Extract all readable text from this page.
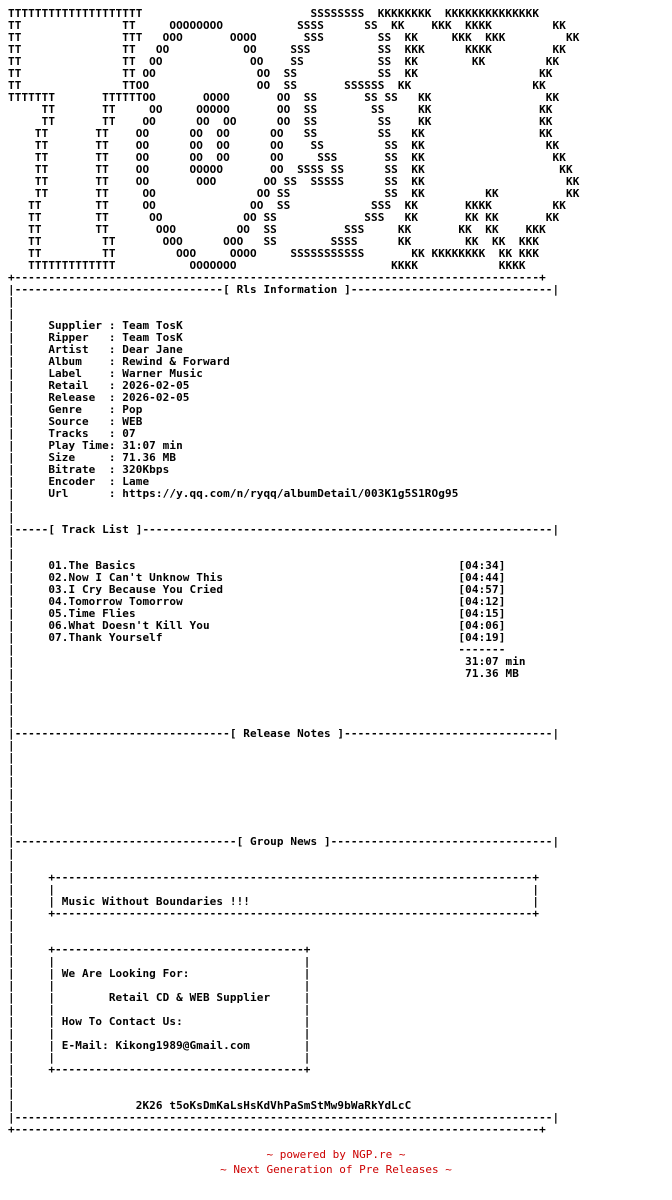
TTTTTTTTTTTTTTTTTTTT                         SSSSSSSS  KKKKKKKK  KKKKKKKKKKKKKK
TT               TT     OOOOOOOO           SSSS      SS  KK    KKK  KKKK         KK
TT               TTT   OOO       OOOO       SSS        SS  KK     KKK  KKK         KK
TT               TT   OO           OO     SSS          SS  KKK      KKKK         KK
TT               TT  OO             OO    SS           SS  KK        KK         KK
TT               TT OO               OO  SS            SS  KK                  KK
TT               TTOO                OO  SS       SSSSSS  KK                  KK
TTTTTTT       TTTTTTOO       OOOO       OO  SS       SS SS   KK                 KK
TT       TT     OO     OOOOO       OO  SS        SS     KK                KK
TT       TT    OO      OO  OO      OO  SS         SS    KK                KK
TT       TT    OO      OO  OO      OO   SS         SS   KK                 KK
TT       TT    OO      OO  OO      OO    SS         SS  KK                  KK
TT       TT    OO      OO  OO      OO     SSS       SS  KK                   KK
TT       TT    OO      OOOOO       OO  SSSS SS      SS  KK                    KK
TT       TT    OO       OOO       OO SS  SSSSS      SS  KK                     KK
TT       TT     OO               OO SS              SS  KK         KK          KK
TT        TT     OO              OO  SS            SSS  KK       KKKK         KK
TT        TT      OO            OO SS             SSS   KK       KK KK       KK
TT        TT       OOO         OO  SS          SSS     KK       KK  KK    KKK
TT         TT       OOO      OOO   SS        SSSS      KK        KK  KK  KKK
TT         TT         OOO     OOOO     SSSSSSSSSSS       KK KKKKKKKK  KK KKK
TTTTTTTTTTTTT           OOOOOOO                       KKKK            KKKK
+------------------------------------------------------------------------------+
|-------------------------------[ Rls Information ]------------------------------|
|
|
|     Supplier : Team TosK
|     Ripper   : Team TosK
|     Artist   : Dear Jane
|     Album    : Rewind & Forward
|     Label    : Warner Music
|     Retail   : 2026-02-05
|     Release  : 2026-02-05
|     Genre    : Pop
|     Source   : WEB
|     Tracks   : 07
|     Play Time: 31:07 min
|     Size     : 71.36 MB
|     Bitrate  : 320Kbps
|     Encoder  : Lame
|     Url      : https://y.qq.com/n/ryqq/albumDetail/003K1g5S1ROg95
|
|
|-----[ Track List ]-------------------------------------------------------------|
|
|
|     01.The Basics                                                [04:34]
|     02.Now I Can't Unknow This                                   [04:44]
|     03.I Cry Because You Cried                                   [04:57]
|     04.Tomorrow Tomorrow                                         [04:12]
|     05.Time Flies                                                [04:15]
|     06.What Doesn't Kill You                                     [04:06]
|     07.Thank Yourself                                            [04:19]
|                                                                  -------
|                                                                   31:07 min
|                                                                   71.36 MB
|
|
|
|
|--------------------------------[ Release Notes ]-------------------------------|
|
|
|
|
|
|
|
|
|---------------------------------[ Group News ]---------------------------------|
|
|
|     +-----------------------------------------------------------------------+
|     |                                                                       |
|     | Music Without Boundaries !!!                                          |
|     +-----------------------------------------------------------------------+
|
|
|     +-------------------------------------+
|     |                                     |
|     | We Are Looking For:                 |
|     |                                     |
|     |        Retail CD & WEB Supplier     |
|     |                                     |
|     | How To Contact Us:                  |
|     |                                     |
|     | E-Mail: Kikong1989@Gmail.com        |
|     |                                     |
|     +-------------------------------------+
|
|
|                  2K26 t5oKsDmKaLsHsKdVhPaSmStMw9bWaRkYdLcC
|--------------------------------------------------------------------------------|
+------------------------------------------------------------------------------+
~ powered by NGP.re ~
~ Next Generation of Pre Releases ~
